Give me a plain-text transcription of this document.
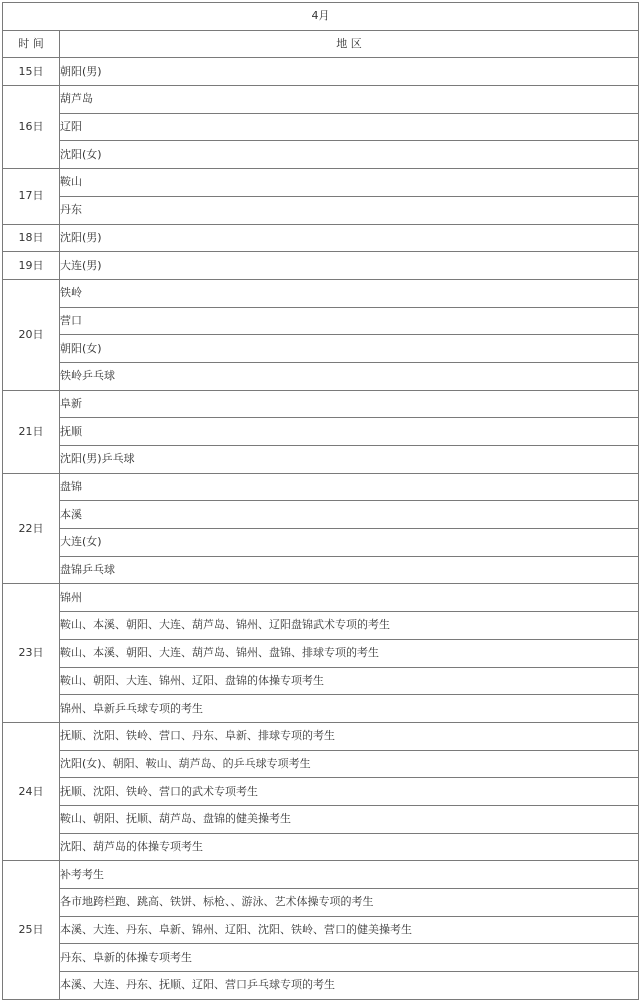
4月	
时 间	地 区
15日	朝阳(男)
16日	葫芦岛
	辽阳
	沈阳(女)
17日	鞍山
	丹东
18日	沈阳(男)
19日	大连(男)
20日	铁岭
	营口
	朝阳(女)
	铁岭乒乓球
21日	阜新
	抚顺
	沈阳(男)乒乓球
22日	盘锦
	本溪
	大连(女)
	盘锦乒乓球
23日	锦州
	鞍山、本溪、朝阳、大连、葫芦岛、锦州、辽阳盘锦武术专项的考生
	鞍山、本溪、朝阳、大连、葫芦岛、锦州、盘锦、排球专项的考生
	鞍山、朝阳、大连、锦州、辽阳、盘锦的体操专项考生
	锦州、阜新乒乓球专项的考生
24日	抚顺、沈阳、铁岭、营口、丹东、阜新、排球专项的考生
	沈阳(女)、朝阳、鞍山、葫芦岛、的乒乓球专项考生
	抚顺、沈阳、铁岭、营口的武术专项考生
	鞍山、朝阳、抚顺、葫芦岛、盘锦的健美操考生
	沈阳、葫芦岛的体操专项考生
25日	补考考生
	各市地跨栏跑、跳高、铁饼、标枪、、游泳、艺术体操专项的考生
	本溪、大连、丹东、阜新、锦州、辽阳、沈阳、铁岭、营口的健美操考生
	丹东、阜新的体操专项考生
	本溪、大连、丹东、抚顺、辽阳、营口乒乓球专项的考生
